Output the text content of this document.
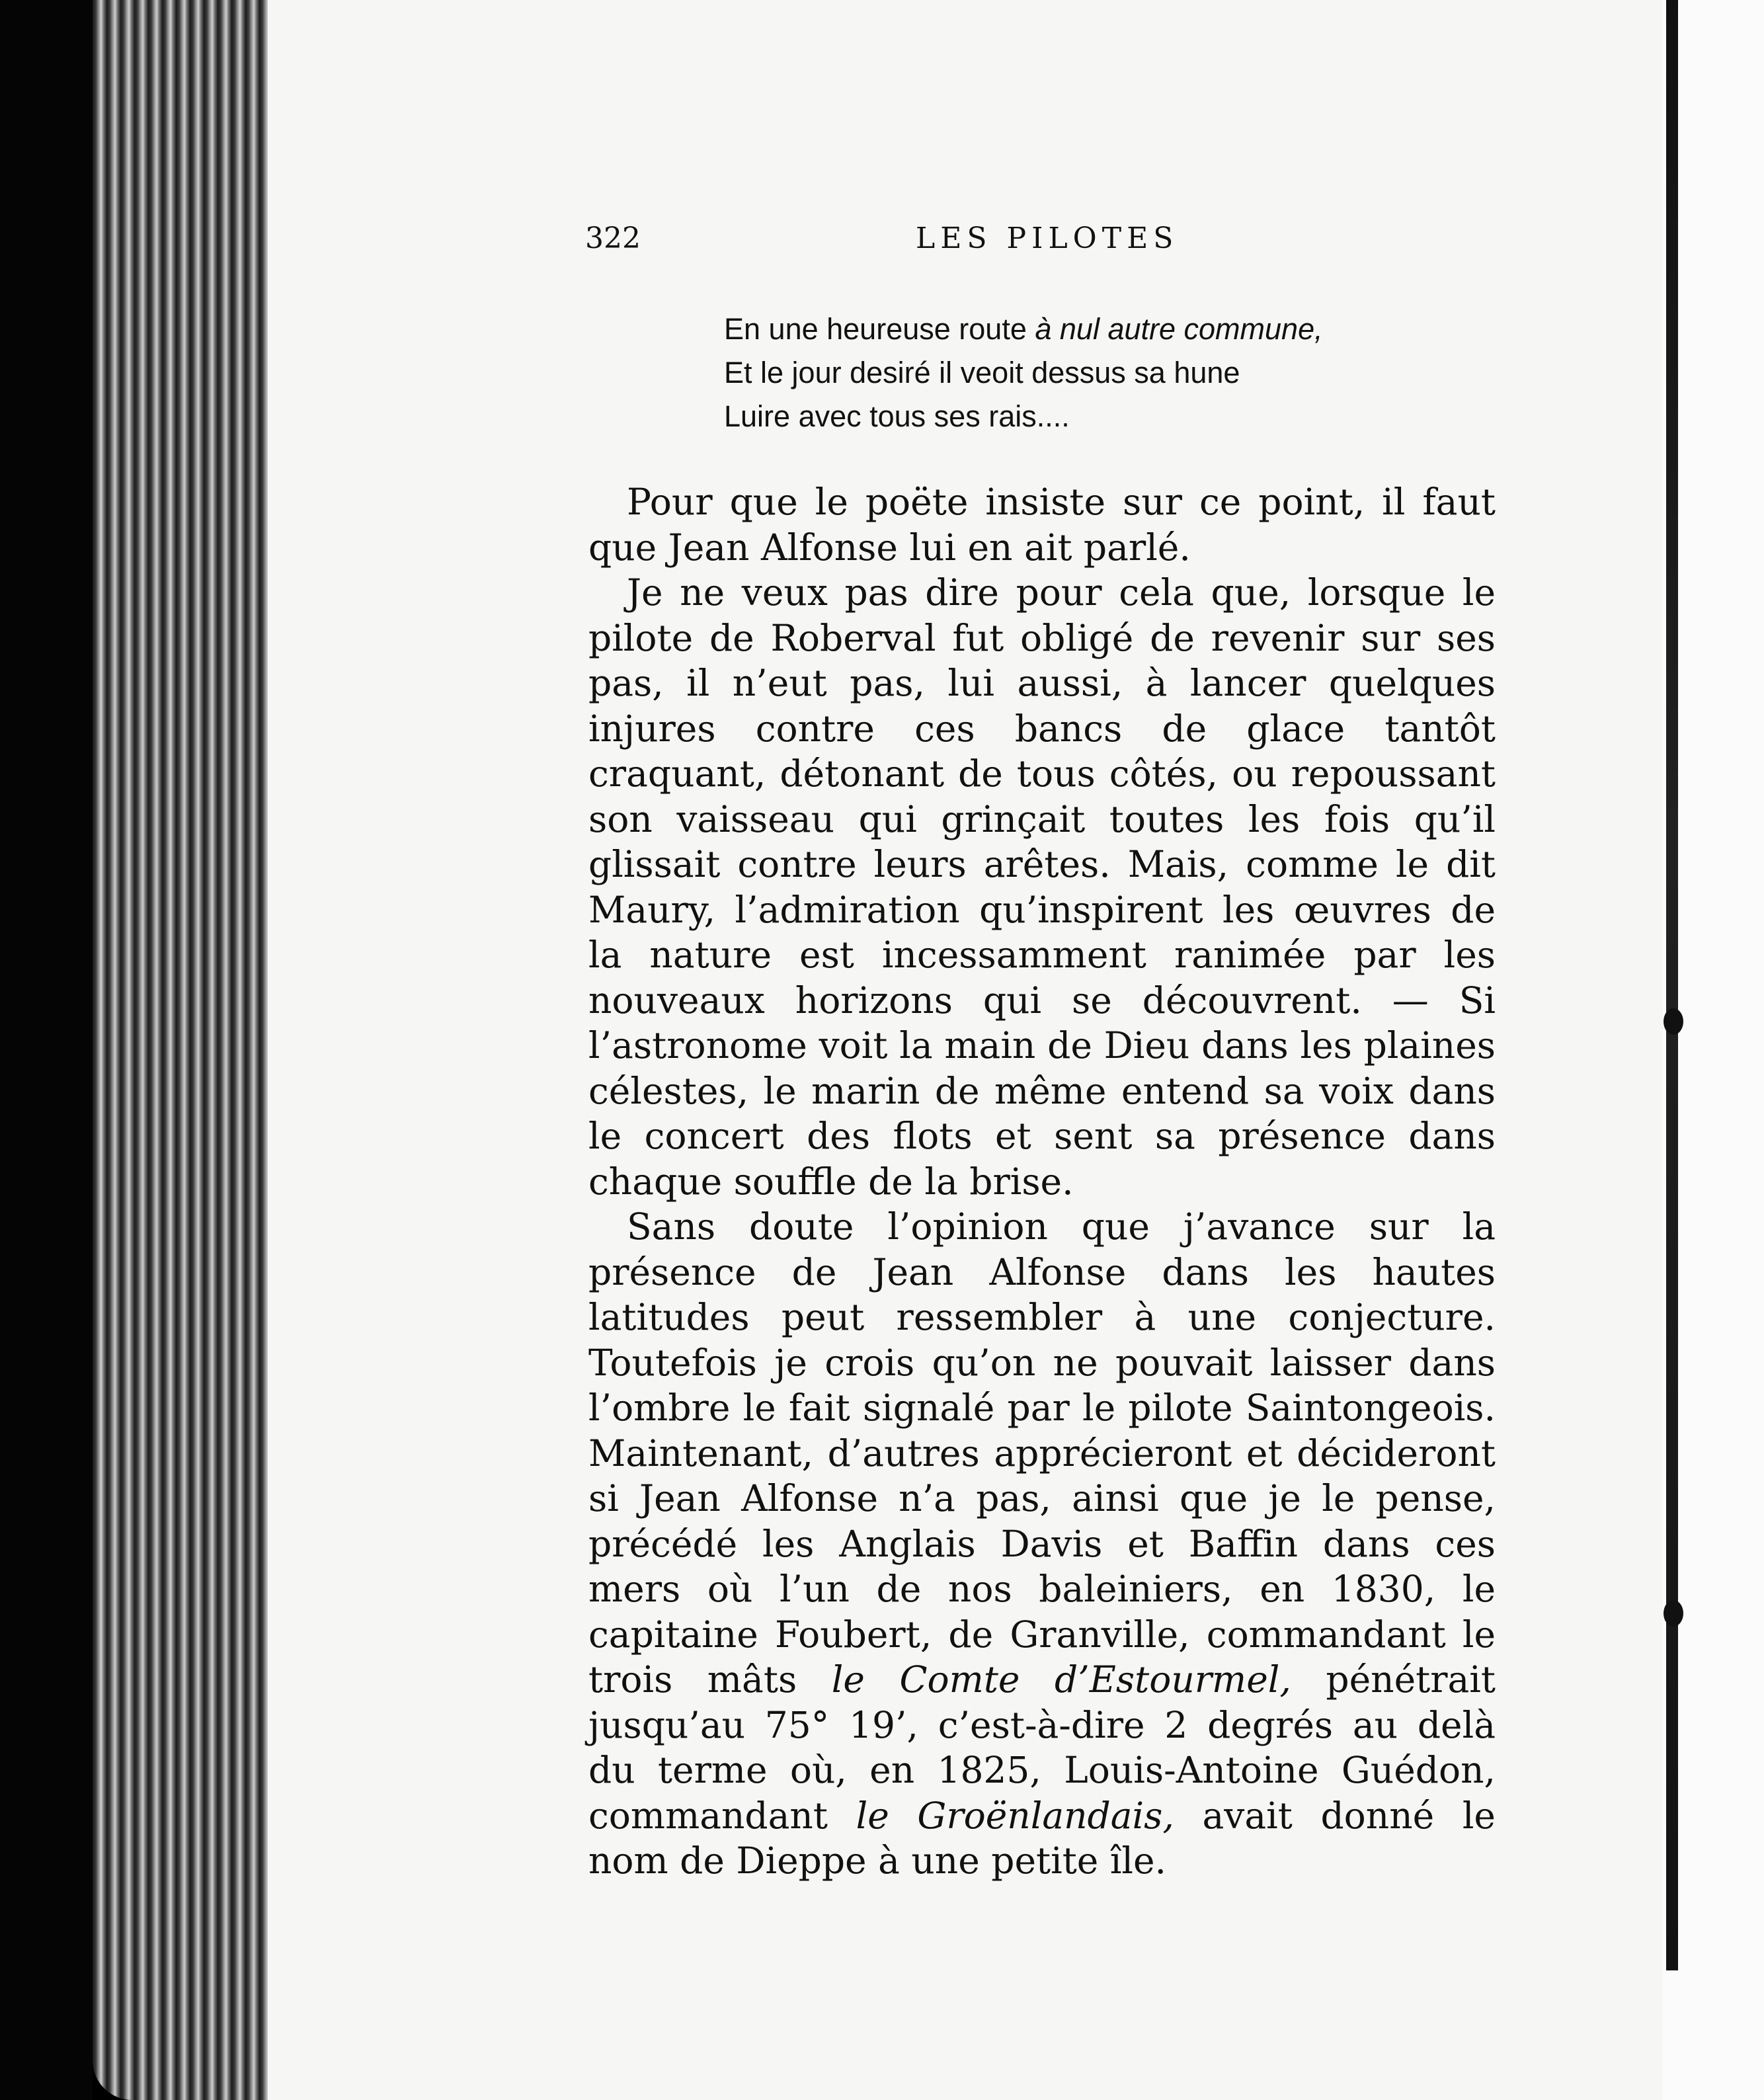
322	LES PILOTES
En une heureuse route à nul autre commune,
Et le jour desiré il veoit dessus sa hune
Luire avec tous ses rais....

Pour que le poëte insiste sur ce point, il faut que Jean Alfonse lui en ait parlé.

Je ne veux pas dire pour cela que, lorsque le pilote de Roberval fut obligé de revenir sur ses pas, il n’eut pas, lui aussi, à lancer quelques injures contre ces bancs de glace tantôt craquant, détonant de tous côtés, ou repoussant son vaisseau qui grinçait toutes les fois qu’il glissait contre leurs arêtes. Mais, comme le dit Maury, l’admiration qu’inspirent les œuvres de la nature est incessamment ranimée par les nouveaux horizons qui se découvrent. — Si l’astronome voit la main de Dieu dans les plaines célestes, le marin de même entend sa voix dans le concert des flots et sent sa présence dans chaque souffle de la brise.

Sans doute l’opinion que j’avance sur la présence de Jean Alfonse dans les hautes latitudes peut ressembler à une conjecture. Toutefois je crois qu’on ne pouvait laisser dans l’ombre le fait signalé par le pilote Saintongeois. Maintenant, d’autres apprécieront et décideront si Jean Alfonse n’a pas, ainsi que je le pense, précédé les Anglais Davis et Baffin dans ces mers où l’un de nos baleiniers, en 1830, le capitaine Foubert, de Granville, commandant le trois mâts le Comte d’Estourmel, pénétrait jusqu’au 75° 19’, c’est-à-dire 2 degrés au delà du terme où, en 1825, Louis-Antoine Guédon, commandant le Groënlandais, avait donné le nom de Dieppe à une petite île.
